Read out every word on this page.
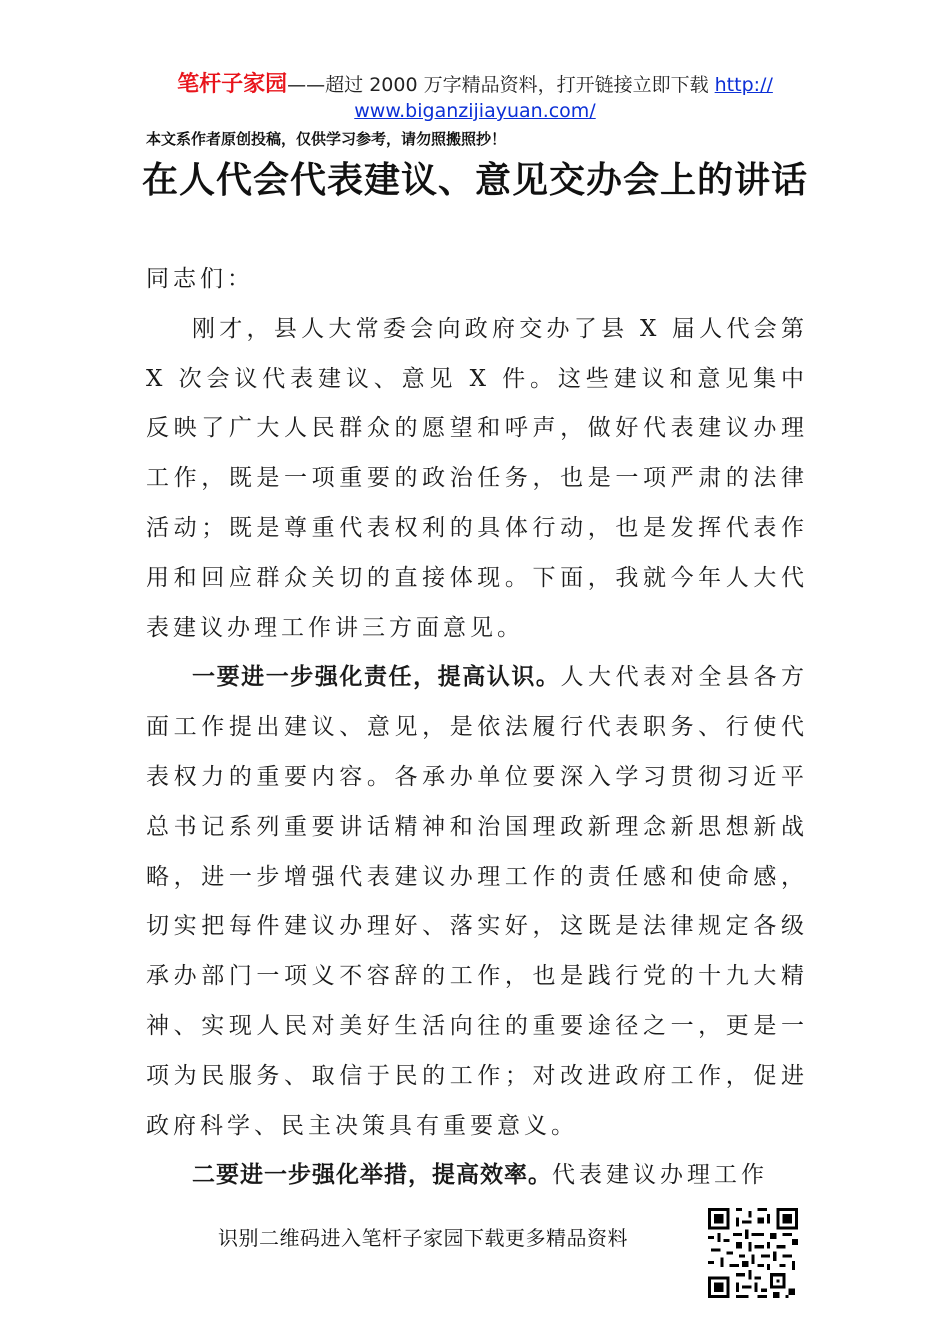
笔杆子家园——超过 2000 万字精品资料，打开链接立即下载 http://
www.biganzijiayuan.com/
本文系作者原创投稿，仅供学习参考，请勿照搬照抄！
在人代会代表建议、意见交办会上的讲话

同志们：

刚才，县人大常委会向政府交办了县 X 届人代会第 X 次会议代表建议、意见 X 件。这些建议和意见集中反映了广大人民群众的愿望和呼声，做好代表建议办理工作，既是一项重要的政治任务，也是一项严肃的法律活动；既是尊重代表权利的具体行动，也是发挥代表作用和回应群众关切的直接体现。下面，我就今年人大代表建议办理工作讲三方面意见。

一要进一步强化责任，提高认识。人大代表对全县各方面工作提出建议、意见，是依法履行代表职务、行使代表权力的重要内容。各承办单位要深入学习贯彻习近平总书记系列重要讲话精神和治国理政新理念新思想新战略，进一步增强代表建议办理工作的责任感和使命感，切实把每件建议办理好、落实好，这既是法律规定各级承办部门一项义不容辞的工作，也是践行党的十九大精神、实现人民对美好生活向往的重要途径之一，更是一项为民服务、取信于民的工作；对改进政府工作，促进政府科学、民主决策具有重要意义。

二要进一步强化举措，提高效率。代表建议办理工作

识别二维码进入笔杆子家园下载更多精品资料
